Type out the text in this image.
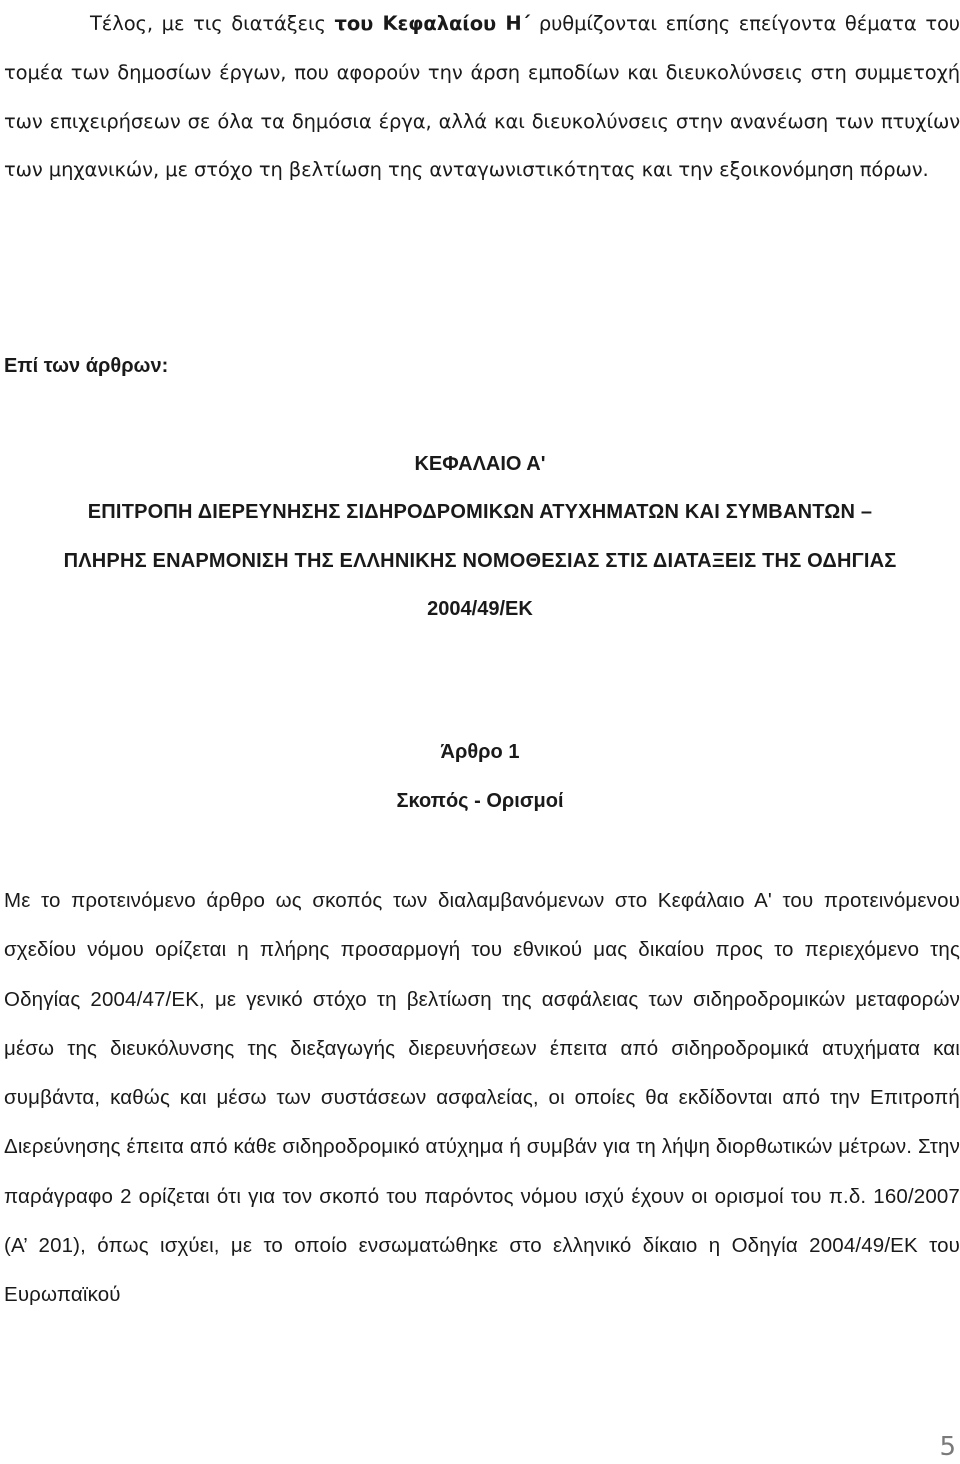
Τέλος, με τις διατάξεις του Κεφαλαίου Η΄ ρυθμίζονται επίσης επείγοντα θέματα του τομέα των δημοσίων έργων, που αφορούν την άρση εμποδίων και διευκολύνσεις στη συμμετοχή των επιχειρήσεων σε όλα τα δημόσια έργα, αλλά και διευκολύνσεις στην ανανέωση των πτυχίων των μηχανικών, με στόχο τη βελτίωση της ανταγωνιστικότητας και την εξοικονόμηση πόρων.

Επί των άρθρων:

ΚΕΦΑΛΑΙΟ Α'

ΕΠΙΤΡΟΠΗ ΔΙΕΡΕΥΝΗΣΗΣ ΣΙΔΗΡΟΔΡΟΜΙΚΩΝ ΑΤΥΧΗΜΑΤΩΝ ΚΑΙ ΣΥΜΒΑΝΤΩΝ –

ΠΛΗΡΗΣ ΕΝΑΡΜΟΝΙΣΗ ΤΗΣ ΕΛΛΗΝΙΚΗΣ ΝΟΜΟΘΕΣΙΑΣ ΣΤΙΣ ΔΙΑΤΑΞΕΙΣ ΤΗΣ ΟΔΗΓΙΑΣ

2004/49/ΕΚ

Άρθρο 1

Σκοπός - Ορισμοί

Με το προτεινόμενο άρθρο ως σκοπός των διαλαμβανόμενων στο Κεφάλαιο Α' του προτεινόμενου σχεδίου νόμου ορίζεται η πλήρης προσαρμογή του εθνικού μας δικαίου προς το περιεχόμενο της Οδηγίας 2004/47/ΕΚ, με γενικό στόχο τη βελτίωση της ασφάλειας των σιδηροδρομικών μεταφορών μέσω της διευκόλυνσης της διεξαγωγής διερευνήσεων έπειτα από σιδηροδρομικά ατυχήματα και συμβάντα, καθώς και μέσω των συστάσεων ασφαλείας, οι οποίες θα εκδίδονται από την Επιτροπή Διερεύνησης έπειτα από κάθε σιδηροδρομικό ατύχημα ή συμβάν για τη λήψη διορθωτικών μέτρων. Στην παράγραφο 2 ορίζεται ότι για τον σκοπό του παρόντος νόμου ισχύ έχουν οι ορισμοί του π.δ. 160/2007 (Α’ 201), όπως ισχύει, με το οποίο ενσωματώθηκε στο ελληνικό δίκαιο η Οδηγία 2004/49/ΕΚ του Ευρωπαϊκού

5
